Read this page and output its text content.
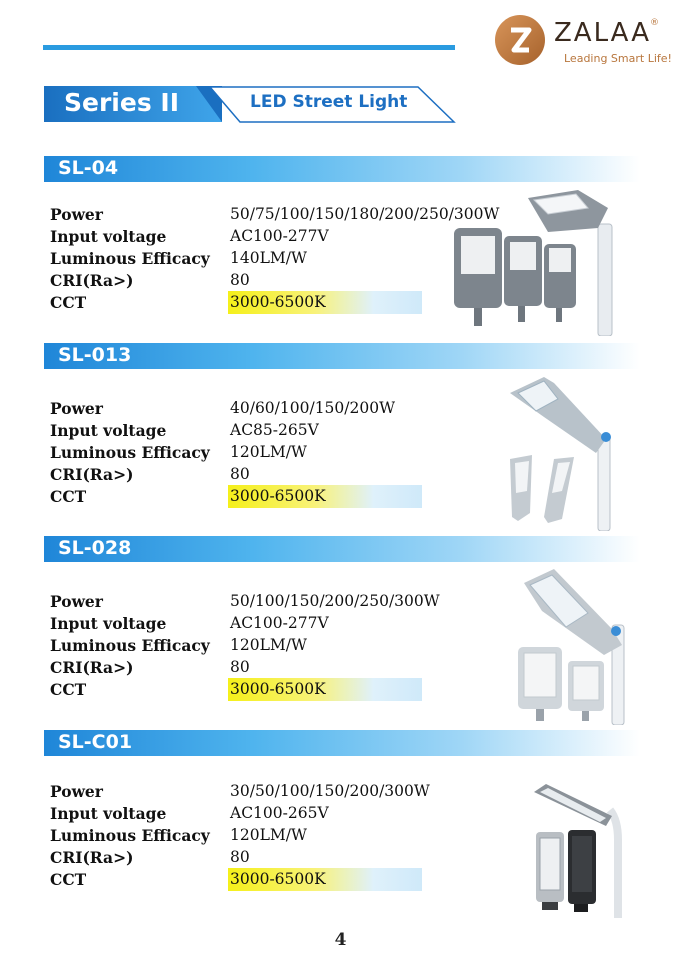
ZALAA ®
Leading Smart Life!
Series II	LED Street Light
SL-04
Power	50/75/100/150/180/200/250/300W
Input voltage	AC100-277V
Luminous Efficacy 140LM/W
CRI(Ra>)	80
CCT	3000-6500K
SL-013
Power	40/60/100/150/200W
Input voltage	AC85-265V
Luminous Efficacy 120LM/W
CRI(Ra>)	80
CCT	3000-6500K
SL-028
Power	50/100/150/200/250/300W
Input voltage	AC100-277V
Luminous Efficacy 120LM/W
CRI(Ra>)	80
CCT	3000-6500K
SL-C01
Power	30/50/100/150/200/300W
Input voltage	AC100-265V
Luminous Efficacy 120LM/W
CRI(Ra>)	80
CCT	3000-6500K
4
